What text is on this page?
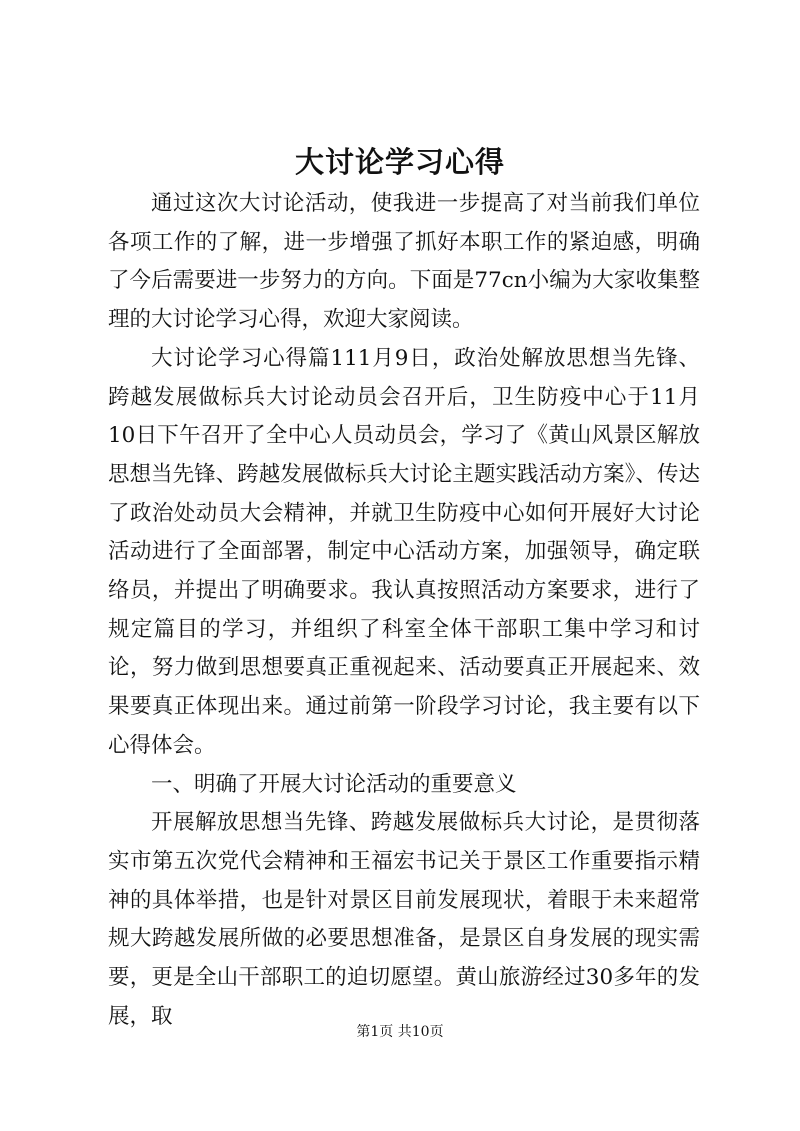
大讨论学习心得

通过这次大讨论活动，使我进一步提高了对当前我们单位各项工作的了解，进一步增强了抓好本职工作的紧迫感，明确了今后需要进一步努力的方向。下面是77cn小编为大家收集整理的大讨论学习心得，欢迎大家阅读。

大讨论学习心得篇111月9日，政治处解放思想当先锋、跨越发展做标兵大讨论动员会召开后，卫生防疫中心于11月10日下午召开了全中心人员动员会，学习了《黄山风景区解放思想当先锋、跨越发展做标兵大讨论主题实践活动方案》、传达了政治处动员大会精神，并就卫生防疫中心如何开展好大讨论活动进行了全面部署，制定中心活动方案，加强领导，确定联络员，并提出了明确要求。我认真按照活动方案要求，进行了规定篇目的学习，并组织了科室全体干部职工集中学习和讨论，努力做到思想要真正重视起来、活动要真正开展起来、效果要真正体现出来。通过前第一阶段学习讨论，我主要有以下心得体会。

一、明确了开展大讨论活动的重要意义

开展解放思想当先锋、跨越发展做标兵大讨论，是贯彻落实市第五次党代会精神和王福宏书记关于景区工作重要指示精神的具体举措，也是针对景区目前发展现状，着眼于未来超常规大跨越发展所做的必要思想准备，是景区自身发展的现实需要，更是全山干部职工的迫切愿望。黄山旅游经过30多年的发展，取

第1页 共10页
